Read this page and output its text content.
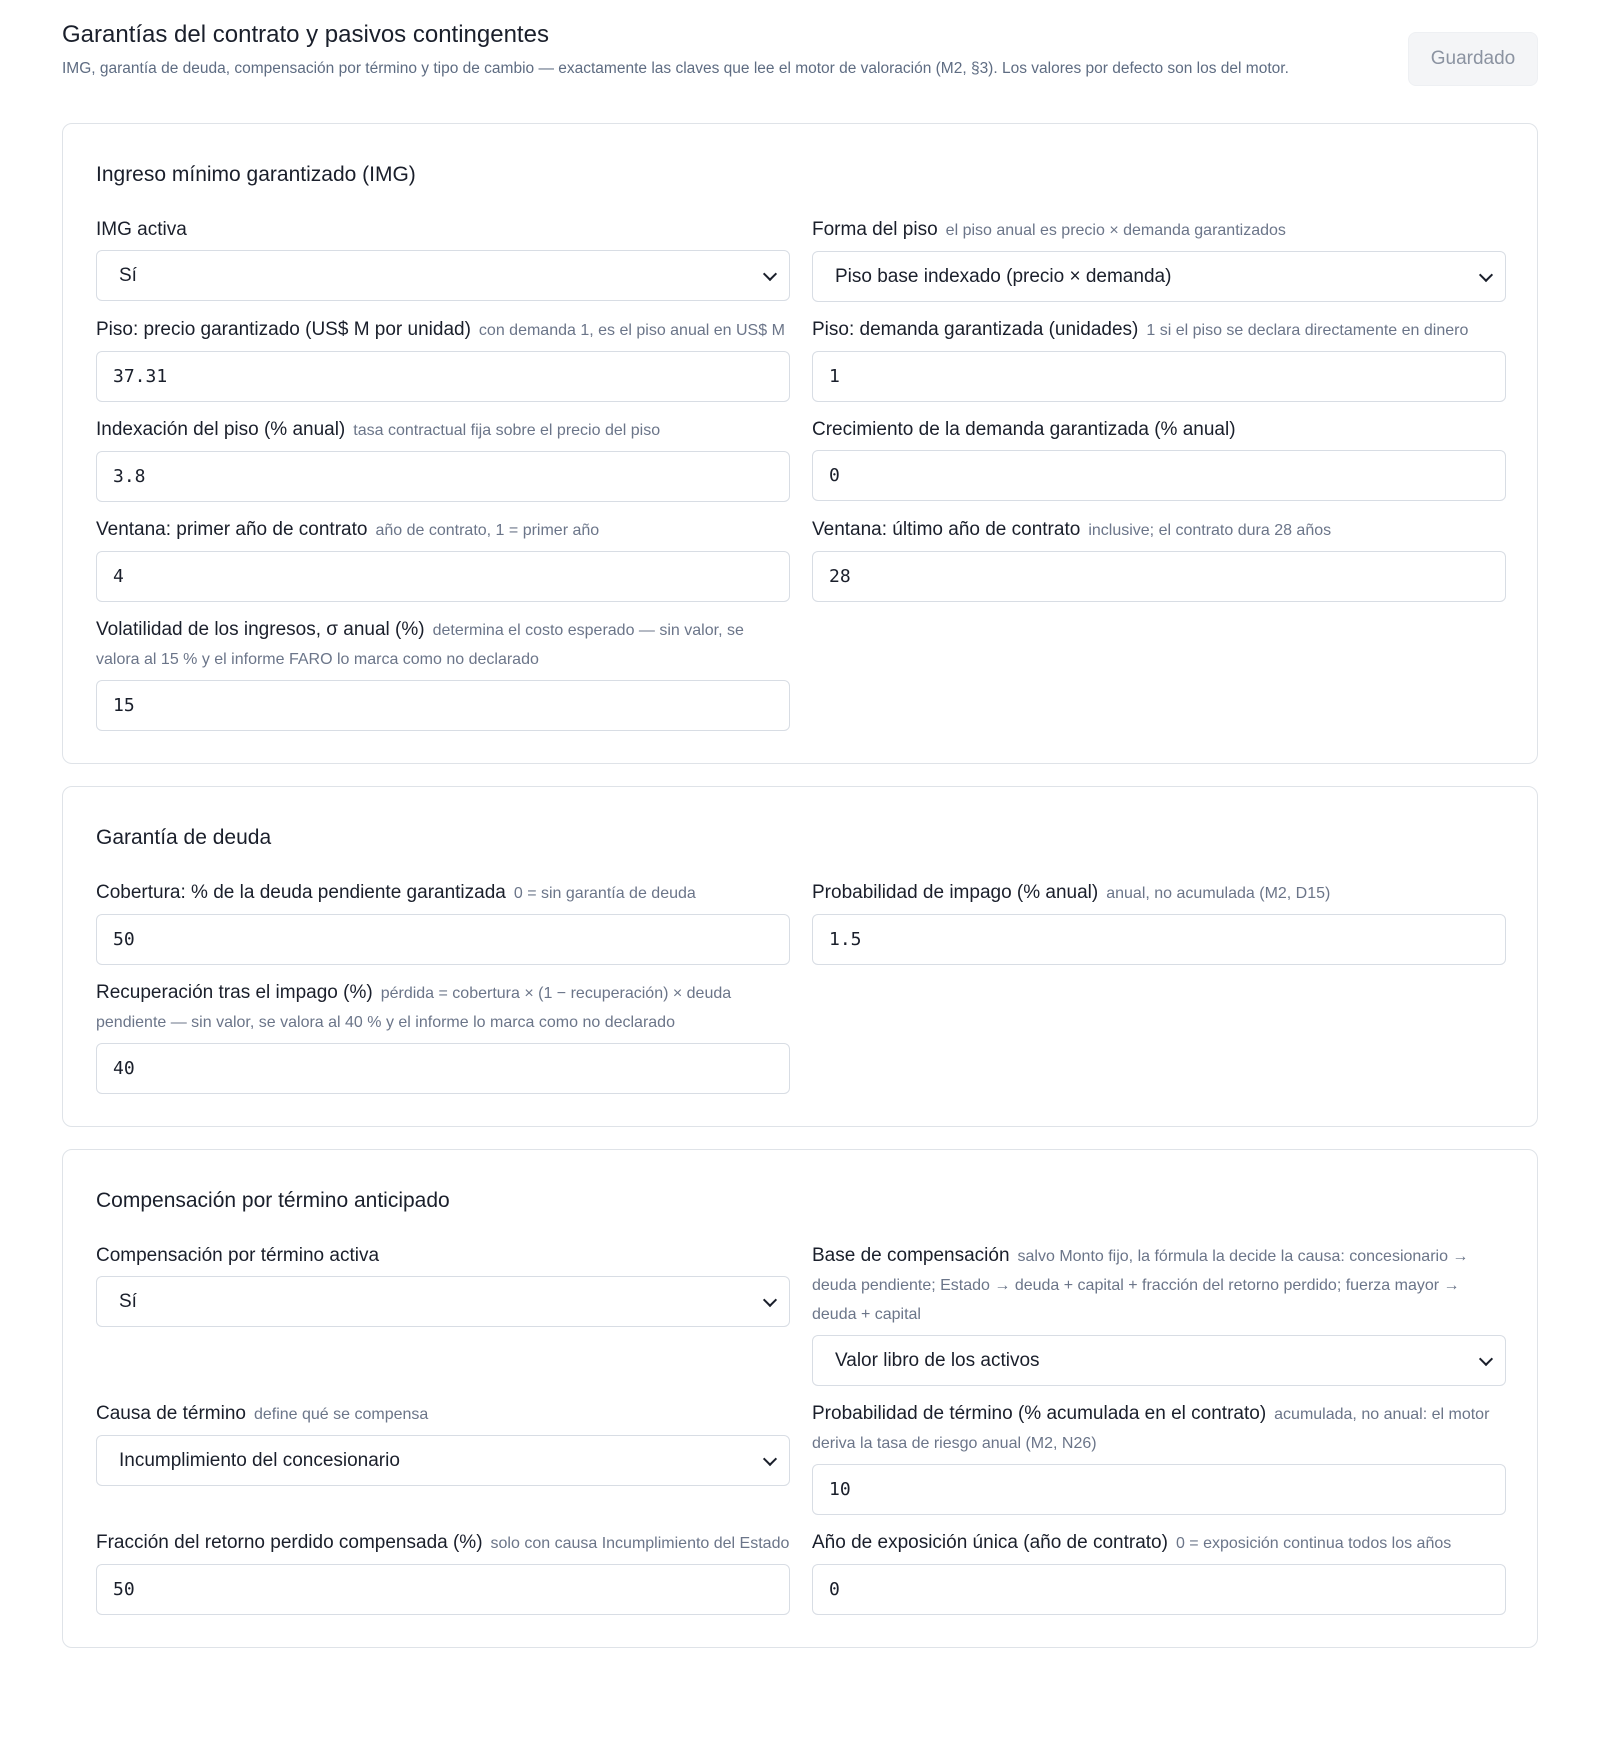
Garantías del contrato y pasivos contingentes
IMG, garantía de deuda, compensación por término y tipo de cambio — exactamente las claves que lee el motor de valoración (M2, §3). Los valores por defecto son los del motor.	Guardado
Ingreso mínimo garantizado (IMG)
IMG activa
Sí
Forma del piso el piso anual es precio × demanda garantizados
Piso base indexado (precio × demanda)
Piso: precio garantizado (US$ M por unidad) con demanda 1, es el piso anual en US$ M
37.31
Piso: demanda garantizada (unidades) 1 si el piso se declara directamente en dinero
1
Indexación del piso (% anual) tasa contractual fija sobre el precio del piso
3.8
Crecimiento de la demanda garantizada (% anual)
0
Ventana: primer año de contrato año de contrato, 1 = primer año
4
Ventana: último año de contrato inclusive; el contrato dura 28 años
28
Volatilidad de los ingresos, σ anual (%) determina el costo esperado — sin valor, se valora al 15 % y el informe FARO lo marca como no declarado
15
Garantía de deuda
Cobertura: % de la deuda pendiente garantizada 0 = sin garantía de deuda
50
Probabilidad de impago (% anual) anual, no acumulada (M2, D15)
1.5
Recuperación tras el impago (%) pérdida = cobertura × (1 − recuperación) × deuda pendiente — sin valor, se valora al 40 % y el informe lo marca como no declarado
40
Compensación por término anticipado
Compensación por término activa
Sí
Base de compensación salvo Monto fijo, la fórmula la decide la causa: concesionario → deuda pendiente; Estado → deuda + capital + fracción del retorno perdido; fuerza mayor → deuda + capital
Valor libro de los activos
Causa de término define qué se compensa
Incumplimiento del concesionario
Probabilidad de término (% acumulada en el contrato) acumulada, no anual: el motor deriva la tasa de riesgo anual (M2, N26)
10
Fracción del retorno perdido compensada (%) solo con causa Incumplimiento del Estado
50
Año de exposición única (año de contrato) 0 = exposición continua todos los años
0
